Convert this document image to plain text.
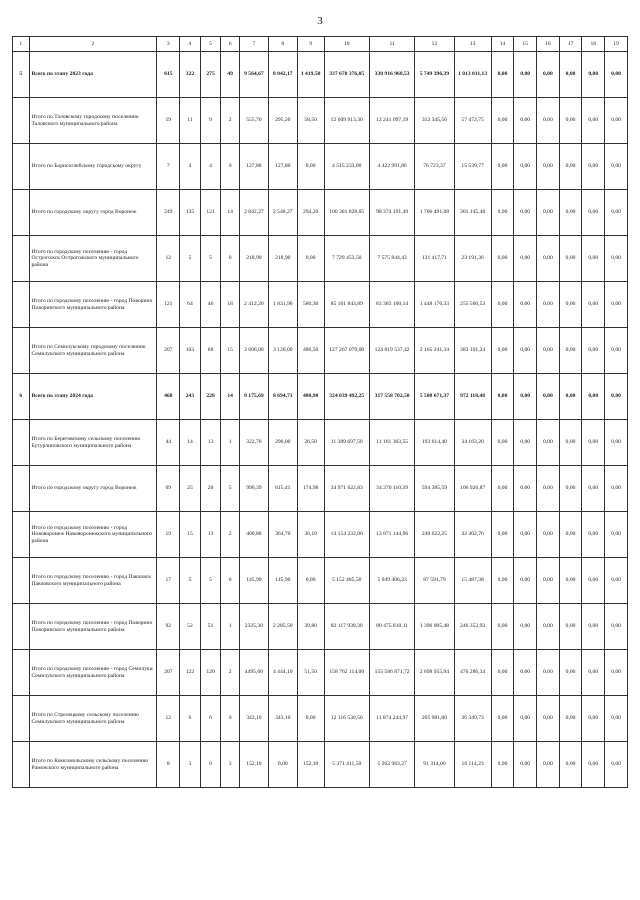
3
1	2	3	4	5	6	7	8	9	10	11	12	13	14	15	16	17	18	19
5	Всего по этапу 2023 года	615	322	275	49	9 564,67	8 042,17	1 419,50	337 670 376,05	330 916 968,53	5 749 396,39	1 013 011,13	0,00	0,00	0,00	0,00	0,00	0,00
	Итого по Таловскому городскому поселению Таловского муниципального района	19	11	9	2	555,70	295,20	58,50	12 609 913,30	12 241 097,19	312 345,56	57 472,75	0,00	0,00	0,00	0,00	0,00	0,00
	Итого по Борисоглебскому городскому округу	7	4	4	0	127,80	127,80	0,00	4 515 233,00	4 422 991,86	76 723,37	15 539,77	0,00	0,00	0,00	0,00	0,00	0,00
	Итого по городскому округу город Воронеж	249	135	121	14	2 842,27	2 548,27	294,20	100 381 828,05	98 374 191,49	1 706 491,08	301 145,48	0,00	0,00	0,00	0,00	0,00	0,00
	Итого по городскому поселению - город Острогожск Острогожского муниципального района	12	5	5	0	218,90	218,90	0,00	7 729 453,50	7 575 844,43	131 417,71	23 191,36	0,00	0,00	0,00	0,00	0,00	0,00
	Итого по городскому поселению - город Поворино Поворинского муниципального района	121	64	46	18	2 412,20	1 831,90	580,30	85 161 843,89	83 383 100,14	1 448 176,33	255 560,53	0,00	0,00	0,00	0,00	0,00	0,00
	Итого по Семилукскому городскому поселению Семилукского муниципального района	207	103	88	15	3 606,00	3 120,00	486,50	127 267 079,00	124 819 537,42	2 165 241,34	383 101,24	0,00	0,00	0,00	0,00	0,00	0,00
6	Всего по этапу 2024 года	468	243	228	14	9 175,69	8 694,71	480,98	324 039 492,25	317 558 702,50	5 508 671,37	972 118,48	0,00	0,00	0,00	0,00	0,00	0,00
	Итого по Береговскому сельскому поселению Бутурлиновского муниципального района	44	14	13	1	322,70	296,00	26,50	11 389 697,50	11 161 303,55	193 614,40	34 163,20	0,00	0,00	0,00	0,00	0,00	0,00
	Итого по городскому округу город Воронеж	69	25	20	5	990,39	815,41	174,98	34 971 622,83	34 270 110,39	594 385,59	106 926,87	0,00	0,00	0,00	0,00	0,00	0,00
	Итого по городскому поселению - город Нововоронеж Нововоронежского муниципального района	19	15	13	2	400,80	364,70	36,10	14 154 232,00	13 871 144,96	240 622,25	42 402,76	0,00	0,00	0,00	0,00	0,00	0,00
	Итого по городскому поселению - город Павловск Павловского муниципального района	17	5	5	0	145,90	145,90	0,00	5 152 485,50	5 049 406,33	87 591,79	15 487,38	0,00	0,00	0,00	0,00	0,00	0,00
	Итого по городскому поселению - город Поворино Поворинского муниципального района	92	52	51	1	2325,30	2 285,50	39,80	82 117 930,30	80 475 810,11	1 396 005,48	246 353,93	0,00	0,00	0,00	0,00	0,00	0,00
	Итого по городскому поселению - город Семилуки Семилукского муниципального района	207	122	120	2	4495,60	4 444,10	51,50	158 762 114,00	155 586 871,72	2 698 955,94	476 286,34	0,00	0,00	0,00	0,00	0,00	0,00
	Итого по Стрелецкому сельскому поселению Семилукского муниципального района	12	6	6	0	343,10	343,10	0,00	12 116 530,50	11 874 244,97	205 981,80	36 349,73	0,00	0,00	0,00	0,00	0,00	0,00
	Итого по Комсомольскому сельскому поселению Рамонского муниципального района	8	3	0	3	152,10	0,00	152,10	5 371 411,50	5 263 983,27	91 314,00	16 114,23	0,00	0,00	0,00	0,00	0,00	0,00
